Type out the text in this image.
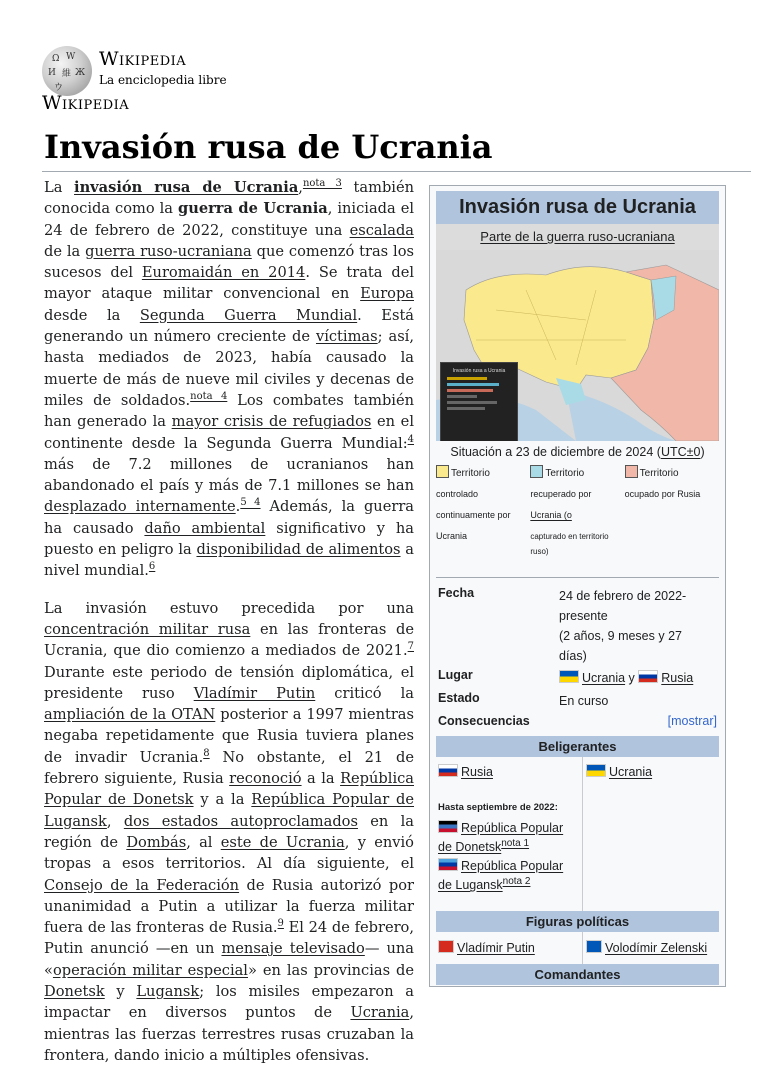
Ω W
И 維 Ж
ウ
Wikipedia
La enciclopedia libre
Wikipedia
Invasión rusa de Ucrania

La invasión rusa de Ucrania,$^{nota 3}$ también conocida como la guerra de Ucrania, iniciada el 24 de febrero de 2022, constituye una escalada de la guerra ruso-ucraniana que comenzó tras los sucesos del Euromaidán en 2014. Se trata del mayor ataque militar convencional en Europa desde la Segunda Guerra Mundial. Está generando un número creciente de víctimas; así, hasta mediados de 2023, había causado la muerte de más de nueve mil civiles y decenas de miles de soldados.$^{nota 4}$ Los combates también han generado la mayor crisis de refugiados en el continente desde la Segunda Guerra Mundial:$^4$ más de 7.2 millones de ucranianos han abandonado el país y más de 7.1 millones se han desplazado internamente.$^{5 4}$ Además, la guerra ha causado daño ambiental significativo y ha puesto en peligro la disponibilidad de alimentos a nivel mundial.$^6$

La invasión estuvo precedida por una concentración militar rusa en las fronteras de Ucrania, que dio comienzo a mediados de 2021.$^7$ Durante este periodo de tensión diplomática, el presidente ruso Vladímir Putin criticó la ampliación de la OTAN posterior a 1997 mientras negaba repetidamente que Rusia tuviera planes de invadir Ucrania.$^8$ No obstante, el 21 de febrero siguiente, Rusia reconoció a la República Popular de Donetsk y a la República Popular de Lugansk, dos estados autoproclamados en la región de Dombás, al este de Ucrania, y envió tropas a esos territorios. Al día siguiente, el Consejo de la Federación de Rusia autorizó por unanimidad a Putin a utilizar la fuerza militar fuera de las fronteras de Rusia.$^9$ El 24 de febrero, Putin anunció —en un mensaje televisado— una «operación militar especial» en las provincias de Donetsk y Lugansk; los misiles empezaron a impactar en diversos puntos de Ucrania, mientras las fuerzas terrestres rusas cruzaban la frontera, dando inicio a múltiples ofensivas.

Invasión rusa de Ucrania
Parte de la guerra ruso-ucraniana
Invasión rusa a Ucrania
Situación a 23 de diciembre de 2024 (UTC±0)
Territorio
controlado
continuamente por
Ucrania
Territorio
recuperado por
Ucrania (o
capturado en territorio
ruso)
Territorio
ocupado por Rusia
Fecha	24 de febrero de 2022-
presente
(2 años, 9 meses y 27
días)
Lugar	Ucrania y Rusia
Estado	En curso
Consecuencias	[mostrar]
Beligerantes
Rusia	Ucrania
Hasta septiembre de 2022:
República Popular
de Donetsk$^{nota 1}$
República Popular
de Lugansk$^{nota 2}$
Figuras políticas
Vladímir Putin	Volodímir Zelenski
Comandantes
